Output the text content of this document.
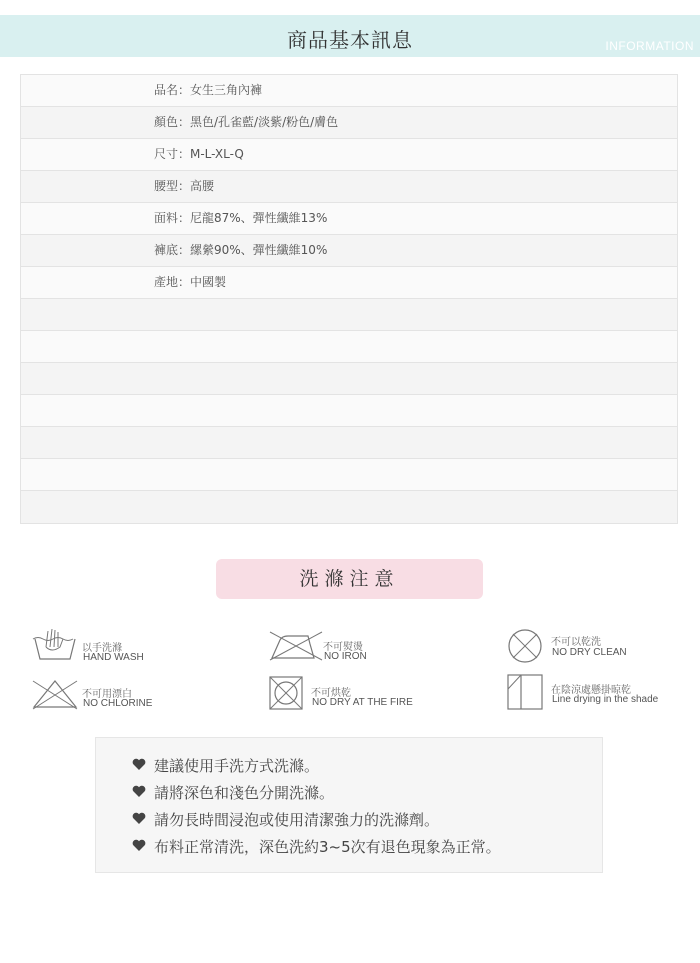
商品基本訊息	INFORMATION
品名：女生三角內褲
顏色：黑色/孔雀藍/淡紫/粉色/膚色
尺寸：M-L-XL-Q
腰型：高腰
面料：尼龍87%、彈性纖維13%
褲底：縲縈90%、彈性纖維10%
產地：中國製
洗滌注意
以手洗滌
HAND WASH
不可熨燙
NO IRON
不可以乾洗
NO DRY CLEAN
不可用漂白
NO CHLORINE
不可烘乾
NO DRY AT THE FIRE
在陰涼處懸掛晾乾
Line drying in the shade
建議使用手洗方式洗滌。
請將深色和淺色分開洗滌。
請勿長時間浸泡或使用清潔強力的洗滌劑。
布料正常清洗，深色洗約3~5次有退色現象為正常。
